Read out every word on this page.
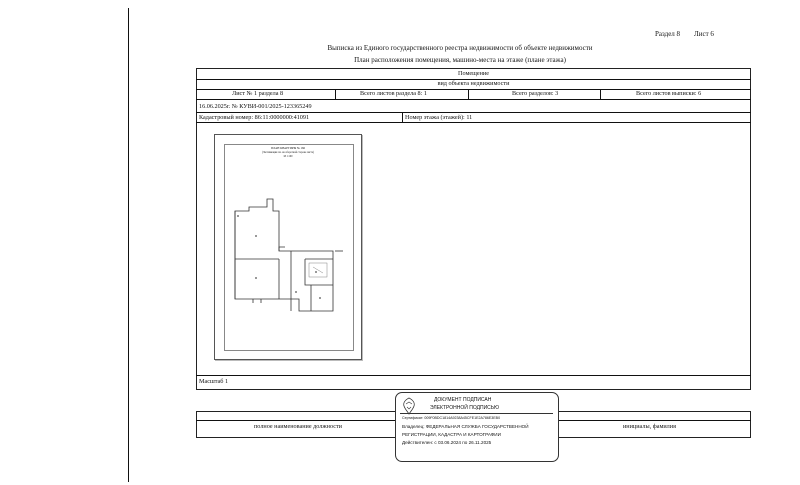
Раздел 8 Лист 6
Выписка из Единого государственного реестра недвижимости об объекте недвижимости
План расположения помещения, машино-места на этаже (плане этажа)
Помещение
вид объекта недвижимости
Лист № 1 раздела 8	Всего листов раздела 8: 1	Всего разделов: 3	Всего листов выписки: 6
16.06.2025г. № КУВИ-001/2025-123365249
Кадастровый номер: 86:11:0000000:41091	Номер этажа (этажей): 11
ПЛАН КВАРТИРЫ № 166
(Экспликация см. на оборотной стороне листа)
М 1:100
Масштаб 1
полное наименование должности	инициалы, фамилия
ДОКУМЕНТ ПОДПИСАН
ЭЛЕКТРОННОЙ ПОДПИСЬЮ
Сертификат: 009F0BDC1814A9238A45CFE1E2A786E3EB0
Владелец: ФЕДЕРАЛЬНАЯ СЛУЖБА ГОСУДАРСТВЕННОЙ
РЕГИСТРАЦИИ, КАДАСТРА И КАРТОГРАФИИ
Действителен: с 03.06.2024 по 26.11.2025
